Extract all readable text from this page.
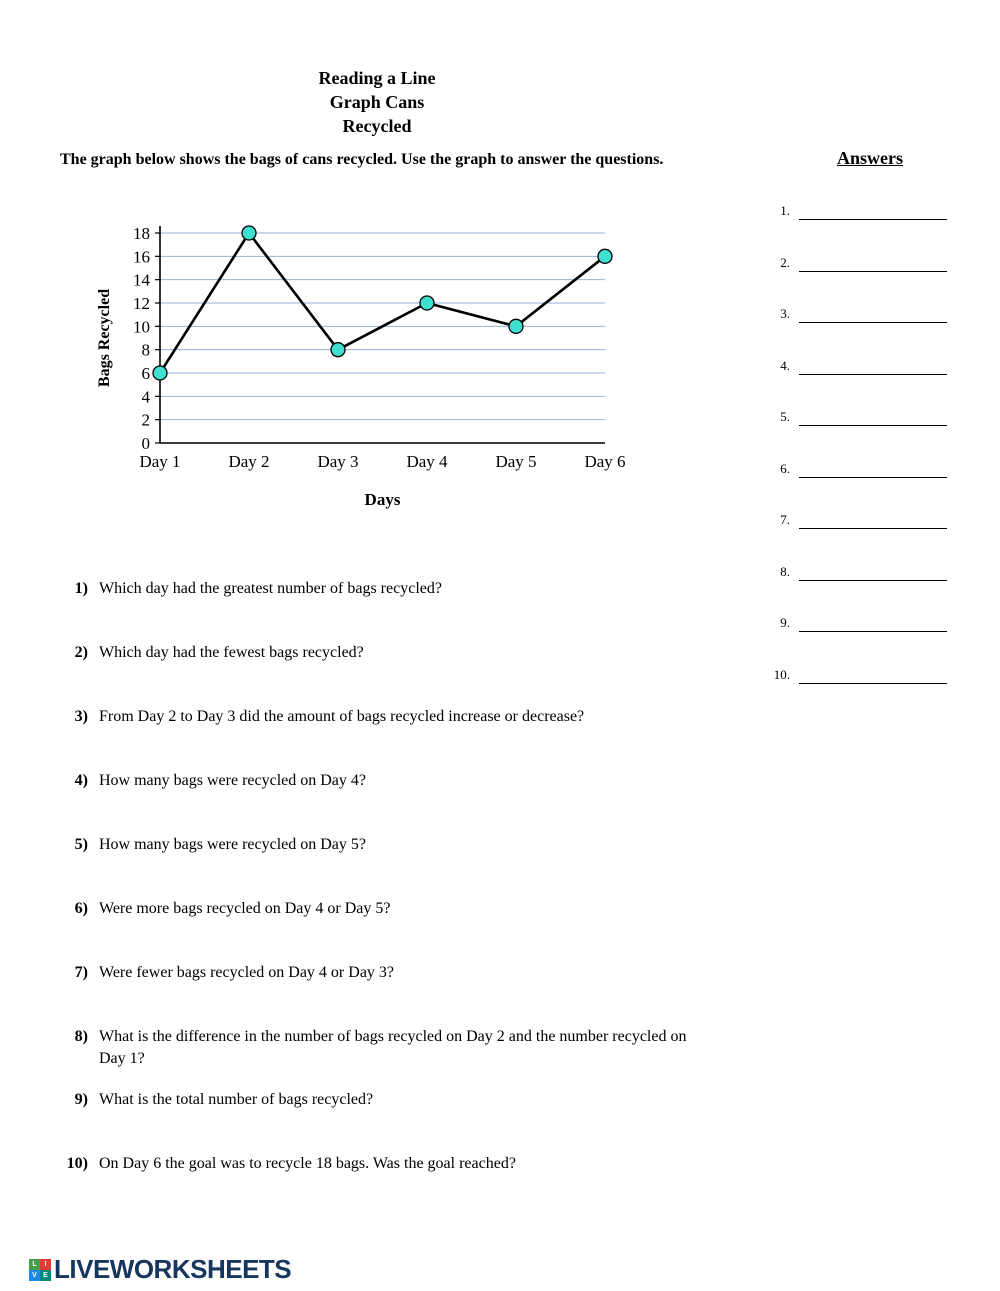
Reading a Line
Graph Cans
Recycled
The graph below shows the bags of cans recycled. Use the graph to answer the questions.
0
2
4
6
8
10
12
14
16
18
Day 1	Day 2	Day 3	Day 4	Day 5	Day 6
Bags Recycled
Days
Answers
1.
2.
3.
4.
5.
6.
7.
8.
9.
10.
1) Which day had the greatest number of bags recycled?
2) Which day had the fewest bags recycled?
3) From Day 2 to Day 3 did the amount of bags recycled increase or decrease?
4) How many bags were recycled on Day 4?
5) How many bags were recycled on Day 5?
6) Were more bags recycled on Day 4 or Day 5?
7) Were fewer bags recycled on Day 4 or Day 3?
8) What is the difference in the number of bags recycled on Day 2 and the number recycled on Day 1?
9) What is the total number of bags recycled?
10) On Day 6 the goal was to recycle 18 bags. Was the goal reached?
L	I
V E LIVEWORKSHEETS
